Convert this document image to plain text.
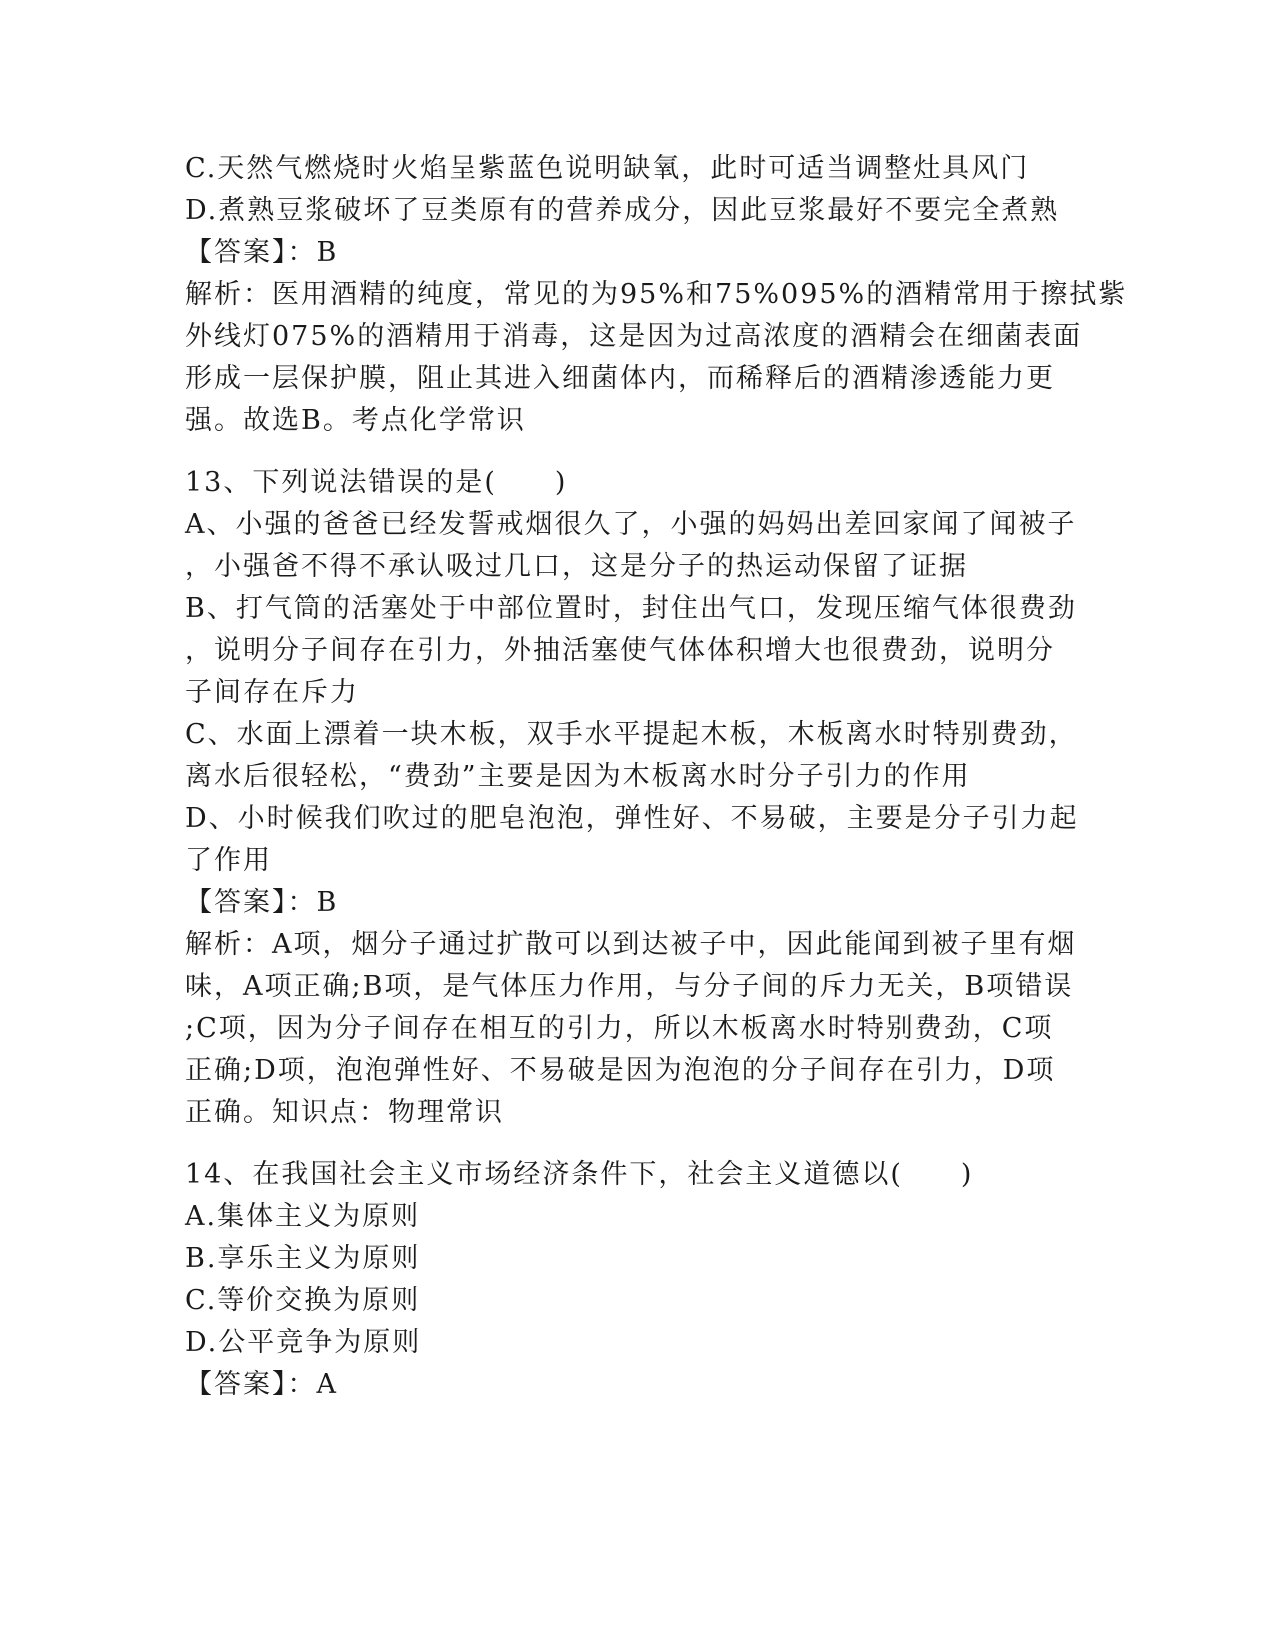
C.天然气燃烧时火焰呈紫蓝色说明缺氧，此时可适当调整灶具风门
D.煮熟豆浆破坏了豆类原有的营养成分，因此豆浆最好不要完全煮熟
【答案】：B
解析：医用酒精的纯度，常见的为95%和75%095%的酒精常用于擦拭紫
外线灯075%的酒精用于消毒，这是因为过高浓度的酒精会在细菌表面
形成一层保护膜，阻止其进入细菌体内，而稀释后的酒精渗透能力更
强。故选B。考点化学常识
13、下列说法错误的是(　　)
A、小强的爸爸已经发誓戒烟很久了，小强的妈妈出差回家闻了闻被子
，小强爸不得不承认吸过几口，这是分子的热运动保留了证据
B、打气筒的活塞处于中部位置时，封住出气口，发现压缩气体很费劲
，说明分子间存在引力，外抽活塞使气体体积增大也很费劲，说明分
子间存在斥力
C、水面上漂着一块木板，双手水平提起木板，木板离水时特别费劲，
离水后很轻松，“费劲”主要是因为木板离水时分子引力的作用
D、小时候我们吹过的肥皂泡泡，弹性好、不易破，主要是分子引力起
了作用
【答案】：B
解析：A项，烟分子通过扩散可以到达被子中，因此能闻到被子里有烟
味，A项正确;B项，是气体压力作用，与分子间的斥力无关，B项错误
;C项，因为分子间存在相互的引力，所以木板离水时特别费劲，C项
正确;D项，泡泡弹性好、不易破是因为泡泡的分子间存在引力，D项
正确。知识点：物理常识
14、在我国社会主义市场经济条件下，社会主义道德以(　　)
A.集体主义为原则
B.享乐主义为原则
C.等价交换为原则
D.公平竞争为原则
【答案】：A
